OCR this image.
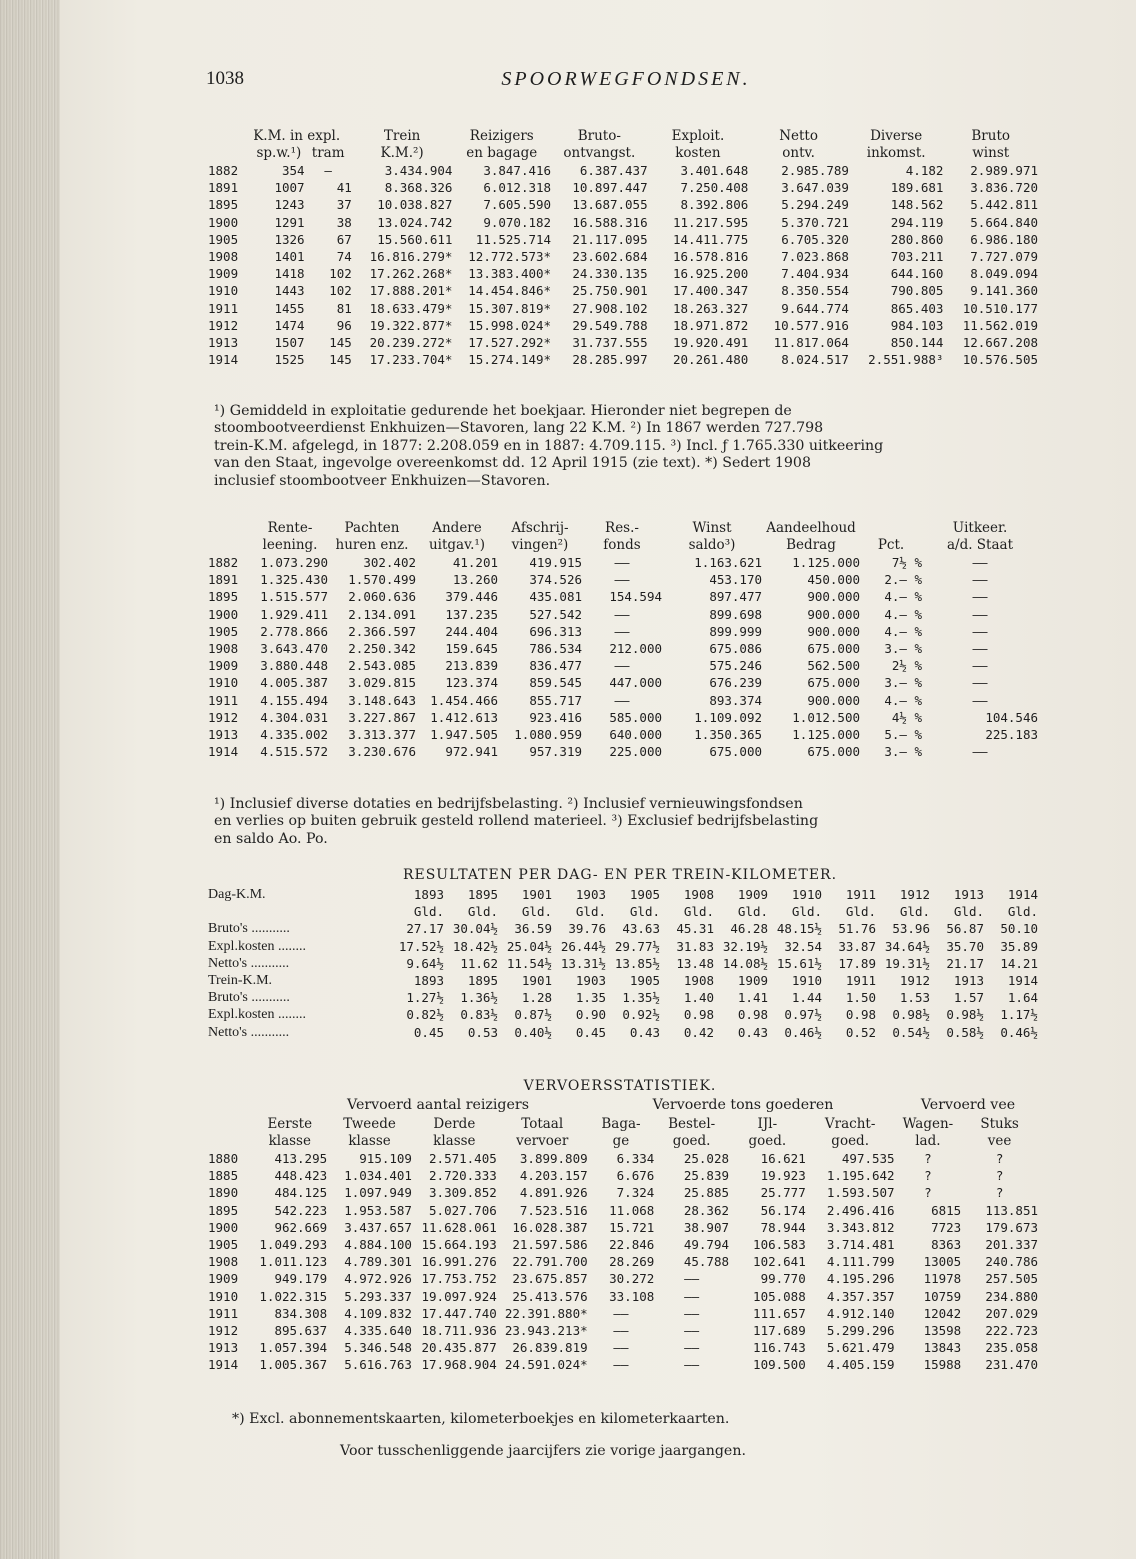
1038	SPOORWEGFONDSEN.
	K.M. in expl.		Trein	Reizigers	Bruto-	Exploit.	Netto	Diverse	Bruto
	sp.w.¹)	tram	K.M.²)	en bagage	ontvangst.	kosten	ontv.	inkomst.	winst
1882	354	—	3.434.904	3.847.416	6.387.437	3.401.648	2.985.789	4.182	2.989.971
1891	1007	41	8.368.326	6.012.318	10.897.447	7.250.408	3.647.039	189.681	3.836.720
1895	1243	37	10.038.827	7.605.590	13.687.055	8.392.806	5.294.249	148.562	5.442.811
1900	1291	38	13.024.742	9.070.182	16.588.316	11.217.595	5.370.721	294.119	5.664.840
1905	1326	67	15.560.611	11.525.714	21.117.095	14.411.775	6.705.320	280.860	6.986.180
1908	1401	74	16.816.279*	12.772.573*	23.602.684	16.578.816	7.023.868	703.211	7.727.079
1909	1418	102	17.262.268*	13.383.400*	24.330.135	16.925.200	7.404.934	644.160	8.049.094
1910	1443	102	17.888.201*	14.454.846*	25.750.901	17.400.347	8.350.554	790.805	9.141.360
1911	1455	81	18.633.479*	15.307.819*	27.908.102	18.263.327	9.644.774	865.403	10.510.177
1912	1474	96	19.322.877*	15.998.024*	29.549.788	18.971.872	10.577.916	984.103	11.562.019
1913	1507	145	20.239.272*	17.527.292*	31.737.555	19.920.491	11.817.064	850.144	12.667.208
1914	1525	145	17.233.704*	15.274.149*	28.285.997	20.261.480	8.024.517	2.551.988³	10.576.505

¹) Gemiddeld in exploitatie gedurende het boekjaar. Hieronder niet begrepen de

stoombootveerdienst Enkhuizen—Stavoren, lang 22 K.M. ²) In 1867 werden 727.798

trein-K.M. afgelegd, in 1877: 2.208.059 en in 1887: 4.709.115. ³) Incl. ƒ 1.765.330 uitkeering

van den Staat, ingevolge overeenkomst dd. 12 April 1915 (zie text). *) Sedert 1908

inclusief stoombootveer Enkhuizen—Stavoren.

	Rente-	Pachten	Andere	Afschrij-	Res.-	Winst	Aandeelhoud		Uitkeer.
	leening.	huren enz.	uitgav.¹)	vingen²)	fonds	saldo³)	Bedrag	Pct.	a/d. Staat
1882	1.073.290	302.402	41.201	419.915	——	1.163.621	1.125.000	7½ %	——
1891	1.325.430	1.570.499	13.260	374.526	——	453.170	450.000	2.— %	——
1895	1.515.577	2.060.636	379.446	435.081	154.594	897.477	900.000	4.— %	——
1900	1.929.411	2.134.091	137.235	527.542	——	899.698	900.000	4.— %	——
1905	2.778.866	2.366.597	244.404	696.313	——	899.999	900.000	4.— %	——
1908	3.643.470	2.250.342	159.645	786.534	212.000	675.086	675.000	3.— %	——
1909	3.880.448	2.543.085	213.839	836.477	——	575.246	562.500	2½ %	——
1910	4.005.387	3.029.815	123.374	859.545	447.000	676.239	675.000	3.— %	——
1911	4.155.494	3.148.643	1.454.466	855.717	——	893.374	900.000	4.— %	——
1912	4.304.031	3.227.867	1.412.613	923.416	585.000	1.109.092	1.012.500	4½ %	104.546
1913	4.335.002	3.313.377	1.947.505	1.080.959	640.000	1.350.365	1.125.000	5.— %	225.183
1914	4.515.572	3.230.676	972.941	957.319	225.000	675.000	675.000	3.— %	——

¹) Inclusief diverse dotaties en bedrijfsbelasting. ²) Inclusief vernieuwingsfondsen

en verlies op buiten gebruik gesteld rollend materieel. ³) Exclusief bedrijfsbelasting

en saldo Ao. Po.

RESULTATEN PER DAG- EN PER TREIN-KILOMETER.
Dag-K.M.	1893	1895	1901	1903	1905	1908	1909	1910	1911	1912	1913	1914
	Gld.	Gld.	Gld.	Gld.	Gld.	Gld.	Gld.	Gld.	Gld.	Gld.	Gld.	Gld.
Bruto's ...........	27.17	30.04½	36.59	39.76	43.63	45.31	46.28	48.15½	51.76	53.96	56.87	50.10
Expl.kosten ........	17.52½	18.42½	25.04½	26.44½	29.77½	31.83	32.19½	32.54	33.87	34.64½	35.70	35.89
Netto's ...........	9.64½	11.62	11.54½	13.31½	13.85½	13.48	14.08½	15.61½	17.89	19.31½	21.17	14.21
Trein-K.M.	1893	1895	1901	1903	1905	1908	1909	1910	1911	1912	1913	1914
Bruto's ...........	1.27½	1.36½	1.28	1.35	1.35½	1.40	1.41	1.44	1.50	1.53	1.57	1.64
Expl.kosten ........	0.82½	0.83½	0.87½	0.90	0.92½	0.98	0.98	0.97½	0.98	0.98½	0.98½	1.17½
Netto's ...........	0.45	0.53	0.40½	0.45	0.43	0.42	0.43	0.46½	0.52	0.54½	0.58½	0.46½
VERVOERSSTATISTIEK.
Vervoerd aantal reizigers	Vervoerde tons goederen	Vervoerd vee
	Eerste	Tweede	Derde	Totaal	Baga-	Bestel-	IJl-	Vracht-	Wagen-	Stuks
	klasse	klasse	klasse	vervoer	ge	goed.	goed.	goed.	lad.	vee
1880	413.295	915.109	2.571.405	3.899.809	6.334	25.028	16.621	497.535	?	?
1885	448.423	1.034.401	2.720.333	4.203.157	6.676	25.839	19.923	1.195.642	?	?
1890	484.125	1.097.949	3.309.852	4.891.926	7.324	25.885	25.777	1.593.507	?	?
1895	542.223	1.953.587	5.027.706	7.523.516	11.068	28.362	56.174	2.496.416	6815	113.851
1900	962.669	3.437.657	11.628.061	16.028.387	15.721	38.907	78.944	3.343.812	7723	179.673
1905	1.049.293	4.884.100	15.664.193	21.597.586	22.846	49.794	106.583	3.714.481	8363	201.337
1908	1.011.123	4.789.301	16.991.276	22.791.700	28.269	45.788	102.641	4.111.799	13005	240.786
1909	949.179	4.972.926	17.753.752	23.675.857	30.272	——	99.770	4.195.296	11978	257.505
1910	1.022.315	5.293.337	19.097.924	25.413.576	33.108	——	105.088	4.357.357	10759	234.880
1911	834.308	4.109.832	17.447.740	22.391.880*	——	——	111.657	4.912.140	12042	207.029
1912	895.637	4.335.640	18.711.936	23.943.213*	——	——	117.689	5.299.296	13598	222.723
1913	1.057.394	5.346.548	20.435.877	26.839.819	——	——	116.743	5.621.479	13843	235.058
1914	1.005.367	5.616.763	17.968.904	24.591.024*	——	——	109.500	4.405.159	15988	231.470
*) Excl. abonnementskaarten, kilometerboekjes en kilometerkaarten.
Voor tusschenliggende jaarcijfers zie vorige jaargangen.
